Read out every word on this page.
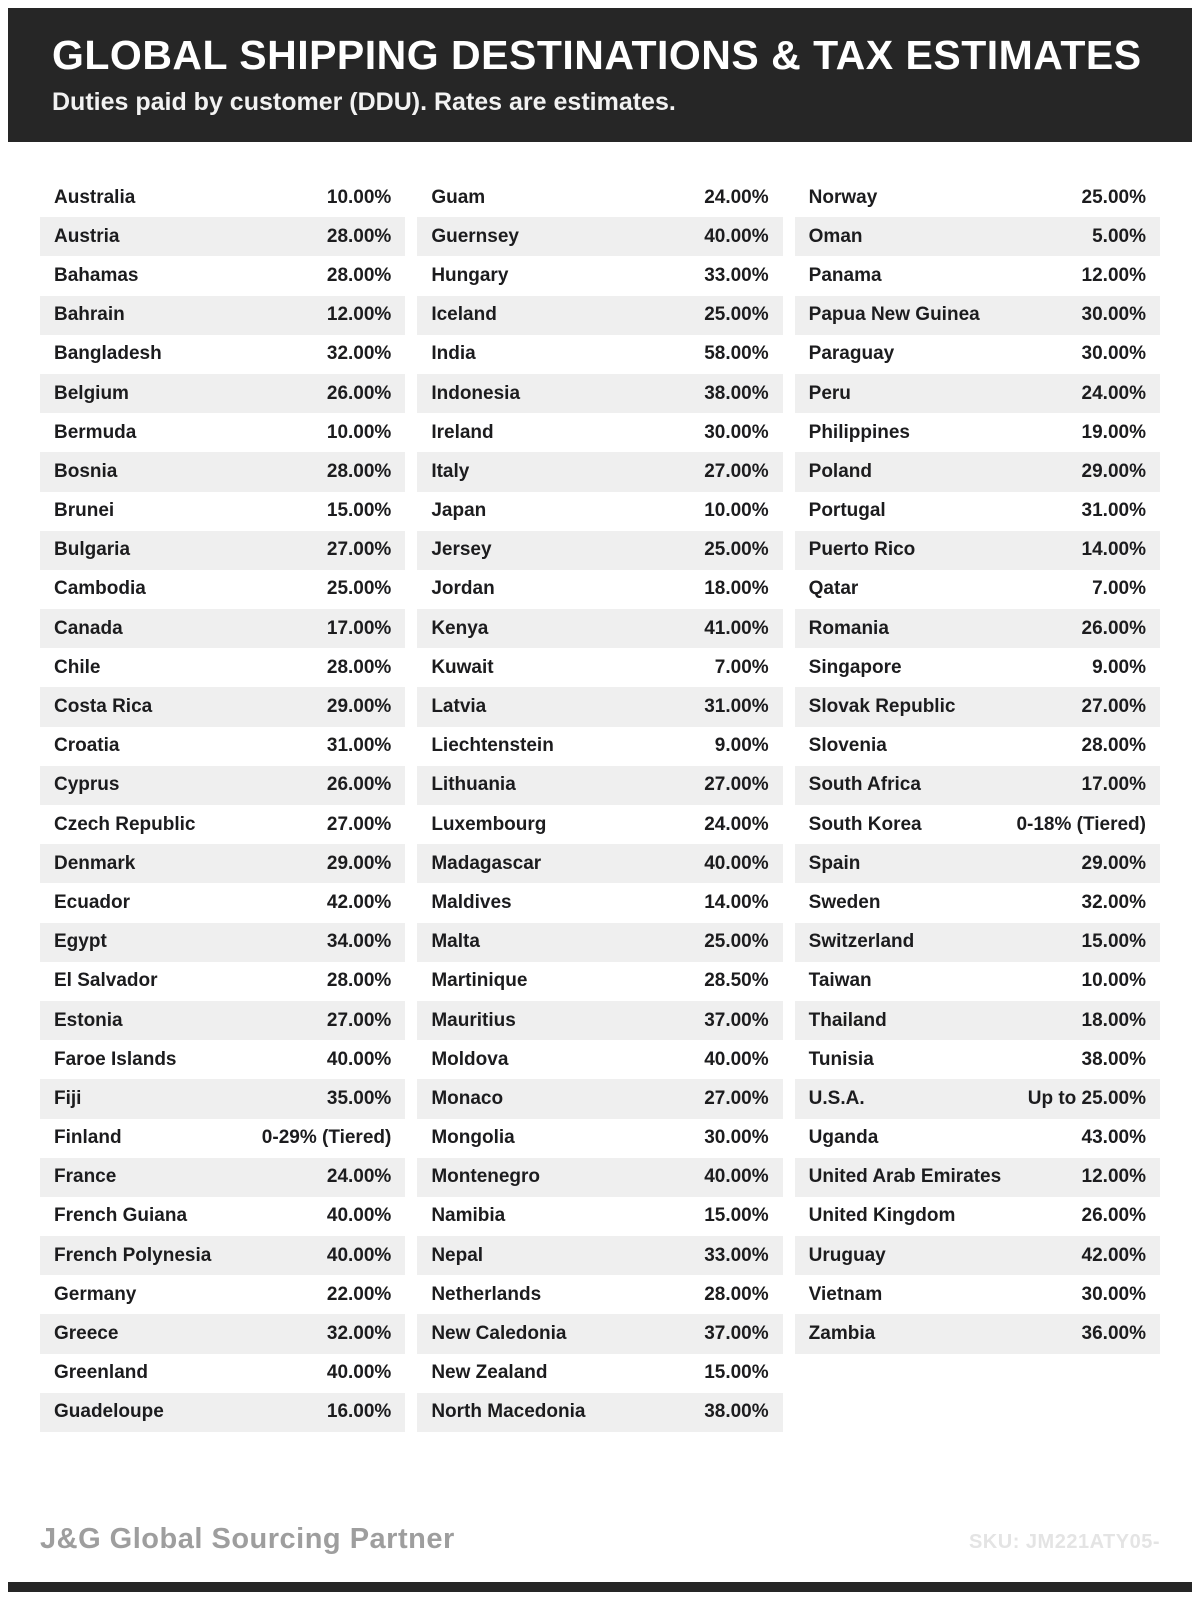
GLOBAL SHIPPING DESTINATIONS & TAX ESTIMATES
Duties paid by customer (DDU). Rates are estimates.
Australia	10.00%
Austria	28.00%
Bahamas	28.00%
Bahrain	12.00%
Bangladesh	32.00%
Belgium	26.00%
Bermuda	10.00%
Bosnia	28.00%
Brunei	15.00%
Bulgaria	27.00%
Cambodia	25.00%
Canada	17.00%
Chile	28.00%
Costa Rica	29.00%
Croatia	31.00%
Cyprus	26.00%
Czech Republic	27.00%
Denmark	29.00%
Ecuador	42.00%
Egypt	34.00%
El Salvador	28.00%
Estonia	27.00%
Faroe Islands	40.00%
Fiji	35.00%
Finland	0-29% (Tiered)
France	24.00%
French Guiana	40.00%
French Polynesia	40.00%
Germany	22.00%
Greece	32.00%
Greenland	40.00%
Guadeloupe	16.00%
Guam	24.00%
Guernsey	40.00%
Hungary	33.00%
Iceland	25.00%
India	58.00%
Indonesia	38.00%
Ireland	30.00%
Italy	27.00%
Japan	10.00%
Jersey	25.00%
Jordan	18.00%
Kenya	41.00%
Kuwait	7.00%
Latvia	31.00%
Liechtenstein	9.00%
Lithuania	27.00%
Luxembourg	24.00%
Madagascar	40.00%
Maldives	14.00%
Malta	25.00%
Martinique	28.50%
Mauritius	37.00%
Moldova	40.00%
Monaco	27.00%
Mongolia	30.00%
Montenegro	40.00%
Namibia	15.00%
Nepal	33.00%
Netherlands	28.00%
New Caledonia	37.00%
New Zealand	15.00%
North Macedonia	38.00%
Norway	25.00%
Oman	5.00%
Panama	12.00%
Papua New Guinea	30.00%
Paraguay	30.00%
Peru	24.00%
Philippines	19.00%
Poland	29.00%
Portugal	31.00%
Puerto Rico	14.00%
Qatar	7.00%
Romania	26.00%
Singapore	9.00%
Slovak Republic	27.00%
Slovenia	28.00%
South Africa	17.00%
South Korea	0-18% (Tiered)
Spain	29.00%
Sweden	32.00%
Switzerland	15.00%
Taiwan	10.00%
Thailand	18.00%
Tunisia	38.00%
U.S.A.	Up to 25.00%
Uganda	43.00%
United Arab Emirates	12.00%
United Kingdom	26.00%
Uruguay	42.00%
Vietnam	30.00%
Zambia	36.00%
J&G Global Sourcing Partner	SKU: JM221ATY05-
